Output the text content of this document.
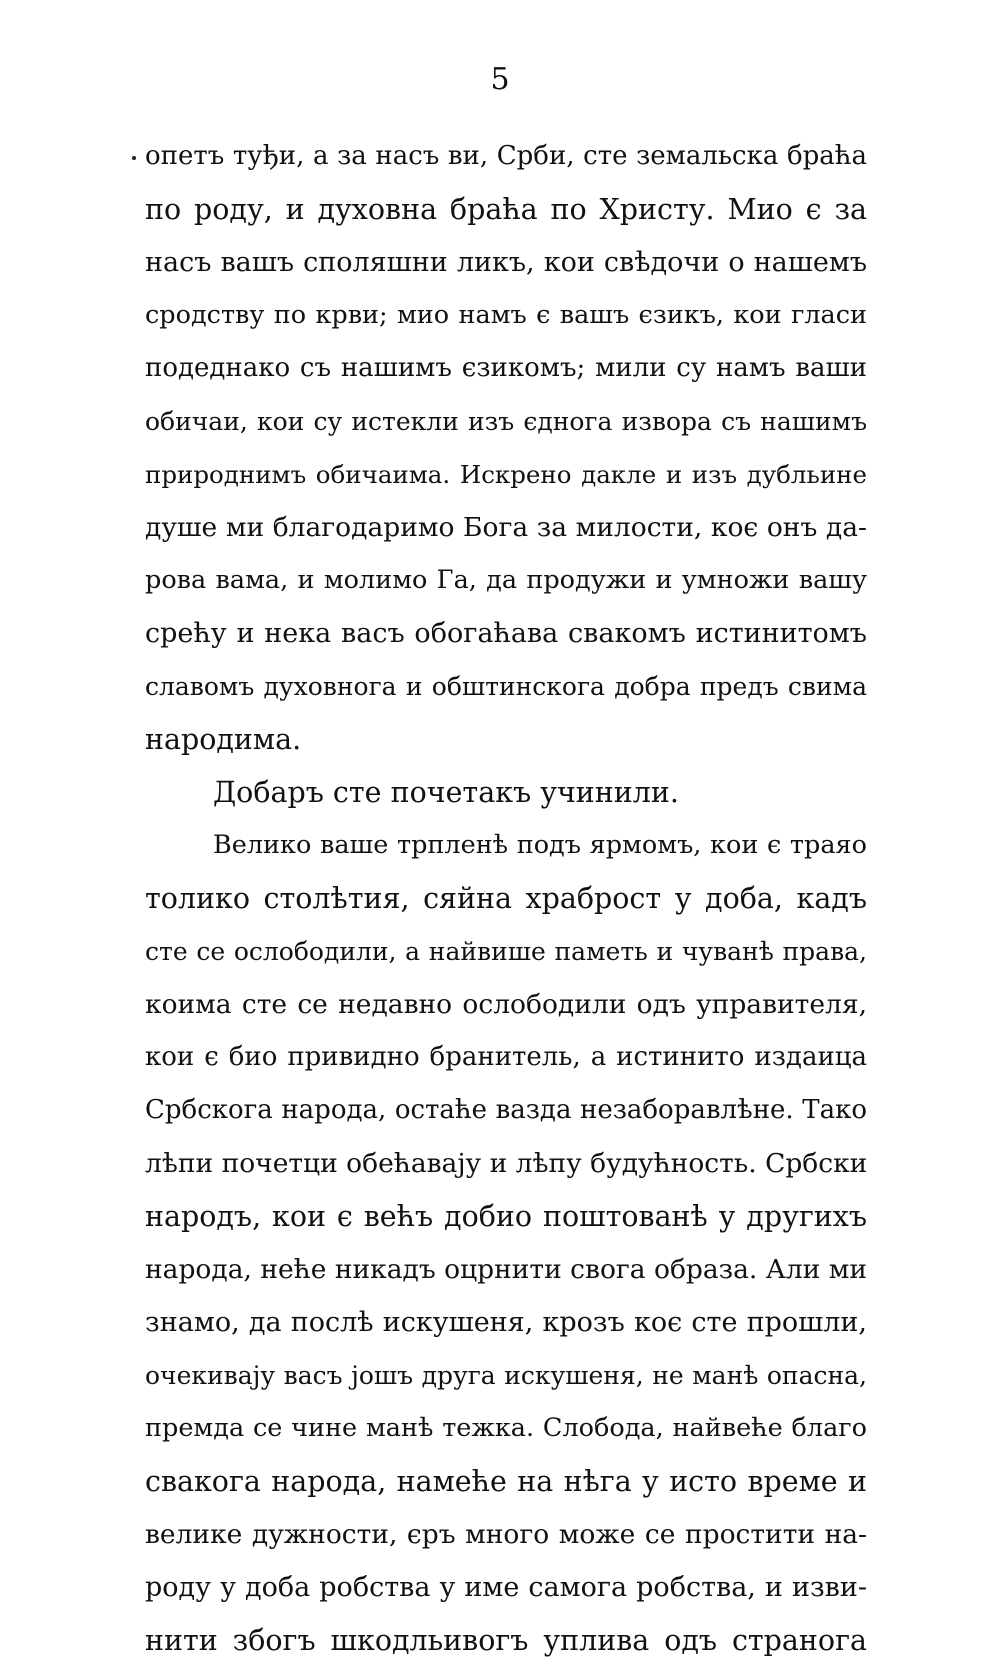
5
опетъ туђи, а за насъ ви, Срби, сте земальска браћа
по роду, и духовна браћа по Христу. Мио є за
насъ вашъ споляшни ликъ, кои свѣдочи о нашемъ
сродству по крви; мио намъ є вашъ єзикъ, кои гласи
подеднако съ нашимъ єзикомъ; мили су намъ ваши
обичаи, кои су истекли изъ єднога извора съ нашимъ
природнимъ обичаима. Искрено дакле и изъ дубльине
душе ми благодаримо Бога за милости, коє онъ да-
рова вама, и молимо Га, да продужи и умножи вашу
срећу и нека васъ обогаћава свакомъ истинитомъ
славомъ духовнога и обштинскога добра предъ свима
народима.
Добаръ сте почетакъ учинили.
Велико ваше трпленѣ подъ ярмомъ, кои є траяо
толико столѣтия, сяйна храброст у доба, кадъ
сте се ослободили, а найвише паметь и чуванѣ права,
коима сте се недавно ослободили одъ управителя,
кои є био привидно бранитель, а истинито издаица
Србскога народа, остаће вазда незаборавлѣне. Тако
лѣпи почетци обећавају и лѣпу будућность. Србски
народъ, кои є већъ добио поштованѣ у другихъ
народа, неће никадъ оцрнити свога образа. Али ми
знамо, да послѣ искушеня, крозъ коє сте прошли,
очекивају васъ јошъ друга искушеня, не манѣ опасна,
премда се чине манѣ тежка. Слобода, найвеће благо
свакога народа, намеће на нѣга у исто време и
велике дужности, єръ много може се простити на-
роду у доба робства у име самога робства, и изви-
нити збогъ шкодльивогъ уплива одъ странога
